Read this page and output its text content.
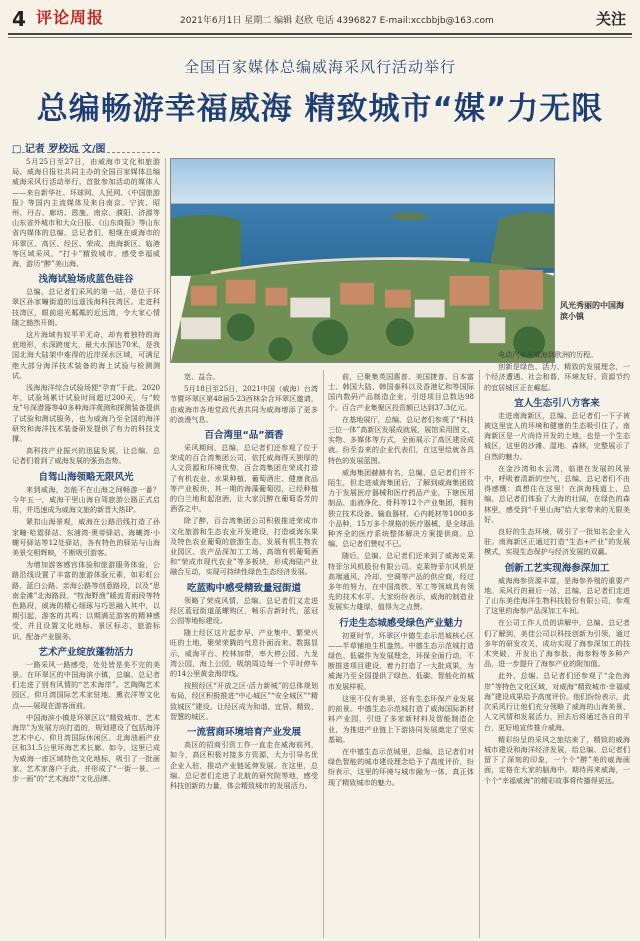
4 评论周报	2021年6月1日 星期二 编辑 赵欣 电话 4396827 E-mail:xccbbjb@163.com	关注
全国百家媒体总编威海采风行活动举行
总编畅游幸福威海 精致城市“媒”力无限
□ 记者 罗校远 文/图
风光秀丽的中国海滨小镇

5月25日至27日，由威海市文化和旅游局、威海日报社共同主办的全国百家媒体总编威海采风行活动举行。首批参加活动的媒体人——来自新华社、环球网、人民网、《中国旅游报》等国内主流媒体及来自南京、宁波、昭州、丹吉、廊坊、恩施、南京、濮阳、济源等山东省外城市和大众日报、《山东商报》等山东省内媒体的总编、总记者们，相继在威海市的环翠区、高区、经区、荣成、南海新区、临港等区域采风，“打卡”精致城市，感受幸福威海，游历“醉”美山海。

浅海试验场成蓝色硅谷

总编、总记者们采风的第一站，是位于环翠区孙家疃街道的远遥浅海科技湾区。走进科技湾区，眼前迎光粼粼的近远湾，令大家心情随之豁然开朗。

这片海域有较平平无奇，却有着独特的海底地形，水深跨度大，最大水深达70米，是我国北海大陆架中难得的近岸深水区域，可满足绝大部分海洋技术装备的海上试验与检测测试。

浅海海洋综合试验场便“孕育”于此。2020年，试验场累计试验时间超过200天，与“蛟龙”号深潜器等40多种海洋观测和探测装备提供了试验和测试服务，也为威海乃至全国的海洋研究和海洋技术装备研发提供了有力的科技支撑。

高科技产业振兴的迅猛发展，让总编、总记者们看到了威海发展的强劲态势。

自驾山海领略无限风光

来到威海，怎能不在山海之间畅游一番？今年五一，威海干里山海自驾旅游公路正式启用，并迅速成为威海文旅的新晋大热IP。

紧扣山海景观，威海在公路沿线打造了孙家疃·哈霓驿站、东浦湾·奥帝驿站、海曦湾·小螺号驿站等12处驿站，各有特色的驿站与山海美景交相辉映，不断吸引游客。

为增加游客感官体验和旅游服务体验，公路沿线设置了丰富的旅游体验元素，如彩虹公路、蓝白公路、亲海公路等创意路段，以及“思南金滩”北海路段、“牧海野渔”暖流青雨段等特色路段，威海的精心细琢与巧思融入其中，以期引起，游客的共鸣；以期满足游客的精神感受，并且设置文化地标、景区标志，旅游标识、配备产业服务。

艺术产业绽放蓬勃活力

一路采风一路感受，处处皆是美不完的美景。在环翠区的中国海滨小镇，总编、总记者们走进了别有风情的“艺术海岸”。艺陶陶艺术园区，仰月湾国际艺术家驻地、熏衣洋等文化点——展现在游客面前。

中国海滨小镇是环翠区以“精致城市、艺术海岸”为发展方向打造的，规划建设了包括海洋艺术中心、仰月湾国际休闲区、北海油画产业区和31.5公里环海艺术长廊。如今，这里已成为威海一座区域特色文化地标，吸引了一批画家、艺术家落户于此，并形成了“一街一景、一步一画”的“艺术海岸”文化品牌。

宽、益合。

5月18日至25日，2021中国（威海）台湾节暨环翠区第48届5·23西林杂合环翠区邀请，由威海市各地党政代表共同为威海增添了更多的浪漫气息。

百合湾里“品”酒香

采风期间，总编、总记者们还参观了位于荣成的百合湾集团公司，依托威海得天独厚的人文资源和环境优势，百合湾集团在荣成打造了有机农业、水果种植、葡萄酒庄、健康食品等产业板块，其一期的海藻葡萄园，已经种植的白兰地和起泡酒，让大家沉醉在葡萄香芳的酒香之中。

除了醉，百合湾集团公司积极推进荣成市文化旅游和生态农业开发建设，打造威海东果及特色农业葡萄的旅游生态，发展有机生物农业园区、农产品深加工工场、高端有机葡萄酒和“荣成市现代农业”等多板块，形成海陆产业融合互动，实现可持续性绿色生态经济发展。

吃蓝购中感受精致量冠街道

领略了荣成风情，总编、总记者们又走进经区蓝冠街道蓝螺购区，畅乐吉新时代，蓝冠公园等地标建设。

随上经区这片起步早、产业集中、繁荣兴旺的土地，聚荣荣腾的气息扑面而来。数据显示，威海平台、校林加带，率大停公园、九龙湾公园，海上公园，吸纳周边每一个平时停车的14公里黄金海岸线。

按照经区“开放之区·活力新城”的总体规划布局，经区积极推进“中心城区”“安全城区”“精致城区”建设。让经区成为和谐、宜居、精致、智慧的城区。

一流营商环境培育产业发展

高区的招商引资工作一直走在威海前列，如今，高区积极对接多方资源，大力引导名优企业入驻，推动产业链延伸发展。在这里，总编、总记者们走进了北航的研究院等地，感受科技创新的力量，体会精致城市的发展活力。

前，已聚集英国惠普、美国捷普、日本富士、韩国大陆、韩国泰科以及香港亿和等国际国内数码产品制造企业，引进项目总数达98个。百合产业集聚区投资额已达到37.3亿元。

在基地展厅，总编、总记者们参观了“科技三位一体”高新区发展成就展，展馆采用图文、实物、多媒体等方式，全面展示了高区建设成就。纷至沓来的企业代表们，在这里绘就各具特色的发展蓝图。

威海集团赫赫有名，总编、总记者们并不陌生，但走进威海集团后，了解到威海集团致力于发展医疗器械和医疗药品产业，下辖医用制品、血液净化、骨科等12个产业集团，拥有独立技术设备、输血器材、心内耗材等1000多个品种，15万多个规格的医疗器械，是全球品种齐全的医疗系统整体解决方案提供商。总编、总记者们赞叹不已。

随后，总编、总记者们还来到了威海克莱特菲尔风机股份有限公司。克莱特菲尔风机是高端通风、冷却、空调等产品的供应商，经过多年的努力，在中国高铁、军工等领域具有领先的技术水平。大家纷纷表示，威海的制造业发展实力雄厚，值得为之点赞。

行走生态城感受绿色产业魅力

初夏时节，环翠区中德生态示范城核心区——半草铺地生机盎然。中德生态示范城打造绿色、低碳作为发展理念，环保全面行动，不断推进项目建设，着力打造了一大批成果，为威海乃至全国提供了绿色、低碳、智能化的城市发展样板。

这里不仅有美景，还有生态环保产业发展的前景。中德生态示范城打造了威海国际新材料产业园，引进了多家新材料及智能制造企业，为推进产业链上下游协同发展奠定了坚实基础。

在中德生态示范城里，总编、总记者们对绿色智能的城市建设理念给予了高度评价，纷纷表示，这里的环境与城市融为一体，真正体现了精致城市的魅力。

电动汽车从威海到欧洲的历程。

创新是绿色、活力、精致的发展理念，一个经济遭遇、社会和谐、环境友好、资源节约的宜居城区正在崛起。

宜人生态引八方客来

走进南海新区，总编、总记者们一下子被被这里宜人的环境和健康的生态吸引住了。南海新区是一片尚待开发的土地，也是一个生态城区，这里的沙滩、湿地、森林，完整展示了自然的魅力。

在金沙湾和水云湾，临港在发展的风景中，呼吸着清新的空气，总编、总记者们不由得感慨：真想住在这里！在滨海栈道上，总编、总记者们体验了大海的壮阔，在绿色的森林里，感受到“千里山海”给大家带来的无限美好。

良好的生态环境，吸引了一批知名企业入驻。南海新区正通过打造“生态+产业”的发展模式，实现生态保护与经济发展的双赢。

创新工艺实现海参深加工

威海海参资源丰富，是海参养殖的重要产地。采风行的最后一站，总编、总记者们走进了山东美佳海洋生物科技股份有限公司，参观了这里的海参产品深加工车间。

在公司工作人员的讲解中，总编、总记者们了解到，美佳公司以科技创新为引领，通过多年的研发攻关，成功实现了海参深加工的技术突破，开发出了海参肽、海参粉等多种产品，进一步提升了海参产业的附加值。

此外，总编、总记者们还参观了“金色海岸”等特色文化区域，对威海“精致城市·幸福威海”建设成果给予高度评价。他们纷纷表示，此次采风行让他们充分领略了威海的山海美景、人文风情和发展活力，回去后将通过各自的平台，更好地宣传推介威海。

精彩纷呈的采风之旅结束了，精致的威海城市建设和海洋经济发展，给总编、总记者们留下了深刻的印象，一个个“醉”美的威海画面，定格在大家的脑海中。期待再来威海，一个个“幸福威海”的精彩故事将传播得更远。
